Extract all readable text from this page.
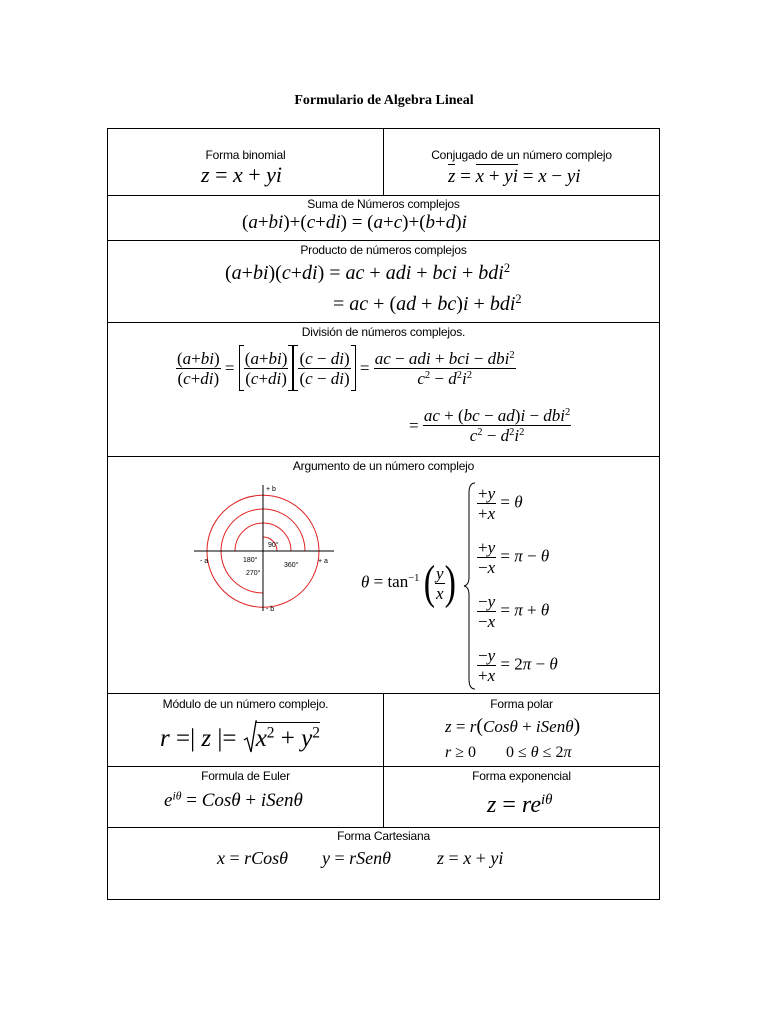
Formulario de Algebra Lineal
Forma binomial
z = x + yi
Conjugado de un número complejo
z = x + yi = x − yi
Suma de Números complejos
(a+bi)+(c+di) = (a+c)+(b+d)i
Producto de números complejos
(a+bi)(c+di) = ac + adi + bci + bdi$^2$
= ac + (ad + bc)i + bdi$^2$
División de números complejos.
$\frac{(a+bi)}{(c+di)} = \frac{(a+bi)}{(c+di)} \frac{(c - di)}{(c - di)} = \frac{ac - adi + bci - dbi^2}{c^2 - d^2i^2}$
= $\frac{ac + (bc - ad)i - dbi^2}{c^2 - d^2i^2}$
Argumento de un número complejo
+ b
- b
+ a
- a
90°
180°
270°
360°
$\theta = \tan^{-1}$ ( $\frac{y}{x}$ )
$\frac{+y}{+x} = \theta$
$\frac{+y}{-x} = \pi - \theta$
$\frac{-y}{-x} = \pi + \theta$
$\frac{-y}{+x} = 2\pi - \theta$
Módulo de un número complejo.
r =| z |= $x^2 + y^2$
Forma polar
z = r(Cosθ + iSenθ)
r ≥ 0 0 ≤ θ ≤ 2π
Formula de Euler
$e^{i\theta} = Cos\theta$ + iSenθ
Forma exponencial
$z = re^{i\theta}$
Forma Cartesiana
x = rCosθ y = rSenθ	z = x + yi
